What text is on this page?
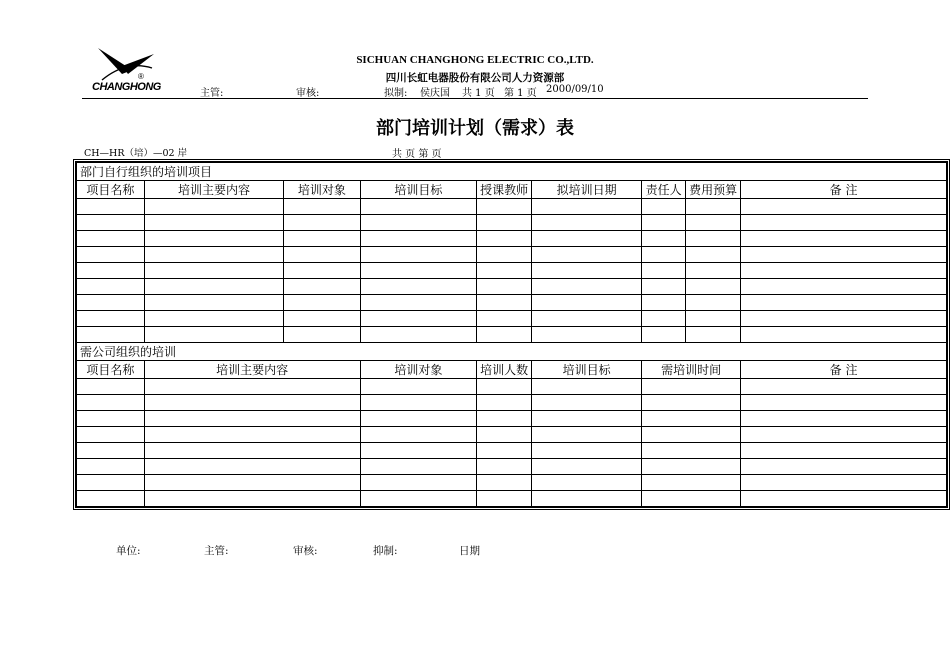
®
CHANGHONG
SICHUAN CHANGHONG ELECTRIC CO.,LTD.
四川长虹电器股份有限公司人力资源部
主管:	审核:	拟制: 侯庆国 共 1 页 第 1 页 2000/09/10
部门培训计划（需求）表
CH—HR（培）—02 岸	共 页 第 页
部门自行组织的培训项目								
项目名称	培训主要内容	培训对象	培训目标	授课教师	拟培训日期	责任人	费用预算	备 注

需公司组织的培训								
项目名称	培训主要内容		培训对象	培训人数	培训目标	需培训时间		备 注

单位:	主管:	审核:	抑制:	日期
